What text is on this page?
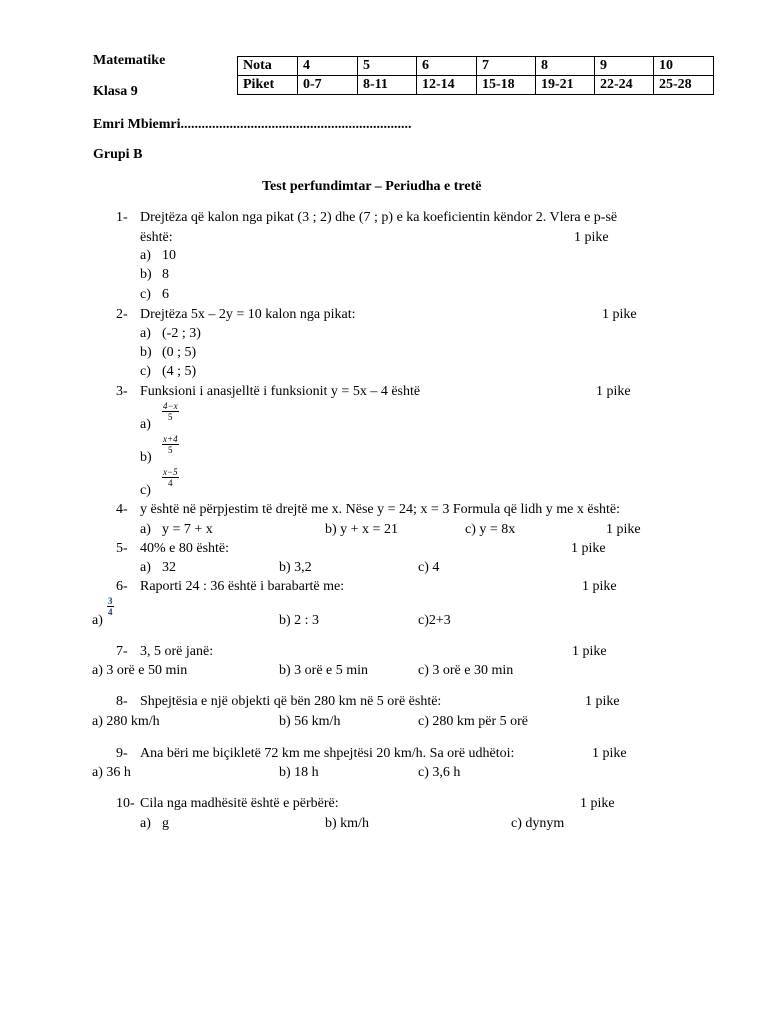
Matematike
Klasa 9
Emri Mbiemri..................................................................
Grupi B
Test perfundimtar – Periudha e tretë
Nota	4	5	6	7	8	9	10
Piket	0-7	8-11	12-14	15-18	19-21	22-24	25-28
1- Drejtëza që kalon nga pikat (3 ; 2) dhe (7 ; p) e ka koeficientin këndor 2. Vlera e p-së
është:	1 pike
a) 10
b) 8
c) 6
2- Drejtëza 5x – 2y = 10 kalon nga pikat:	1 pike
a) (-2 ; 3)
b) (0 ; 5)
c) (4 ; 5)
3- Funksioni i anasjelltë i funksionit y = 5x – 4 është	1 pike
a)
$\frac{4-x}{5}$
b)
$\frac{x+4}{5}$
c)
$\frac{x-5}{4}$
4- y është në përpjestim të drejtë me x. Nëse y = 24; x = 3 Formula që lidh y me x është:
a) y = 7 + x	b) y + x = 21	c) y = 8x	1 pike
5- 40% e 80 është:	1 pike
a) 32	b) 3,2	c) 4
6- Raporti 24 : 36 është i barabartë me:	1 pike
a)
$\frac{3}{4}$
b) 2 : 3	c)2+3
7- 3, 5 orë janë:	1 pike
a) 3 orë e 50 min	b) 3 orë e 5 min	c) 3 orë e 30 min
8- Shpejtësia e një objekti që bën 280 km në 5 orë është:	1 pike
a) 280 km/h	b) 56 km/h	c) 280 km për 5 orë
9- Ana bëri me biçikletë 72 km me shpejtësi 20 km/h. Sa orë udhëtoi:	1 pike
a) 36 h	b) 18 h	c) 3,6 h
10- Cila nga madhësitë është e përbërë:	1 pike
a) g	b) km/h	c) dynym
